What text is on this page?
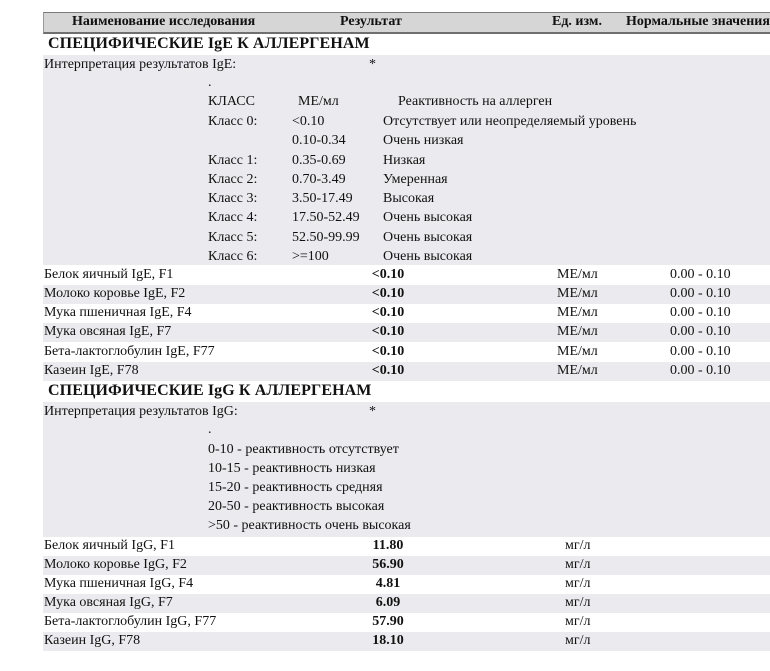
Наименование исследования	Результат	Ед. изм. Нормальные значения
СПЕЦИФИЧЕСКИЕ IgE К АЛЛЕРГЕНАМ
Интерпретация результатов IgE:	*
.
КЛАСС	МЕ/мл	Реактивность на аллерген
Класс 0: <0.10	Отсутствует или неопределяемый уровень
0.10-0.34	Очень низкая
Класс 1: 0.35-0.69	Низкая
Класс 2: 0.70-3.49	Умеренная
Класс 3: 3.50-17.49 Высокая
Класс 4: 17.50-52.49 Очень высокая
Класс 5: 52.50-99.99 Очень высокая
Класс 6: >=100	Очень высокая
Белок яичный IgE, F1	<0.10	МЕ/мл	0.00 - 0.10
Молоко коровье IgE, F2	<0.10	МЕ/мл	0.00 - 0.10
Мука пшеничная IgE, F4	<0.10	МЕ/мл	0.00 - 0.10
Мука овсяная IgE, F7	<0.10	МЕ/мл	0.00 - 0.10
Бета-лактоглобулин IgE, F77	<0.10	МЕ/мл	0.00 - 0.10
Казеин IgE, F78	<0.10	МЕ/мл	0.00 - 0.10
СПЕЦИФИЧЕСКИЕ IgG К АЛЛЕРГЕНАМ
Интерпретация результатов IgG:	*
.
0-10 - реактивность отсутствует
10-15 - реактивность низкая
15-20 - реактивность средняя
20-50 - реактивность высокая
>50 - реактивность очень высокая
Белок яичный IgG, F1	11.80	мг/л
Молоко коровье IgG, F2	56.90	мг/л
Мука пшеничная IgG, F4	4.81	мг/л
Мука овсяная IgG, F7	6.09	мг/л
Бета-лактоглобулин IgG, F77	57.90	мг/л
Казеин IgG, F78	18.10	мг/л
